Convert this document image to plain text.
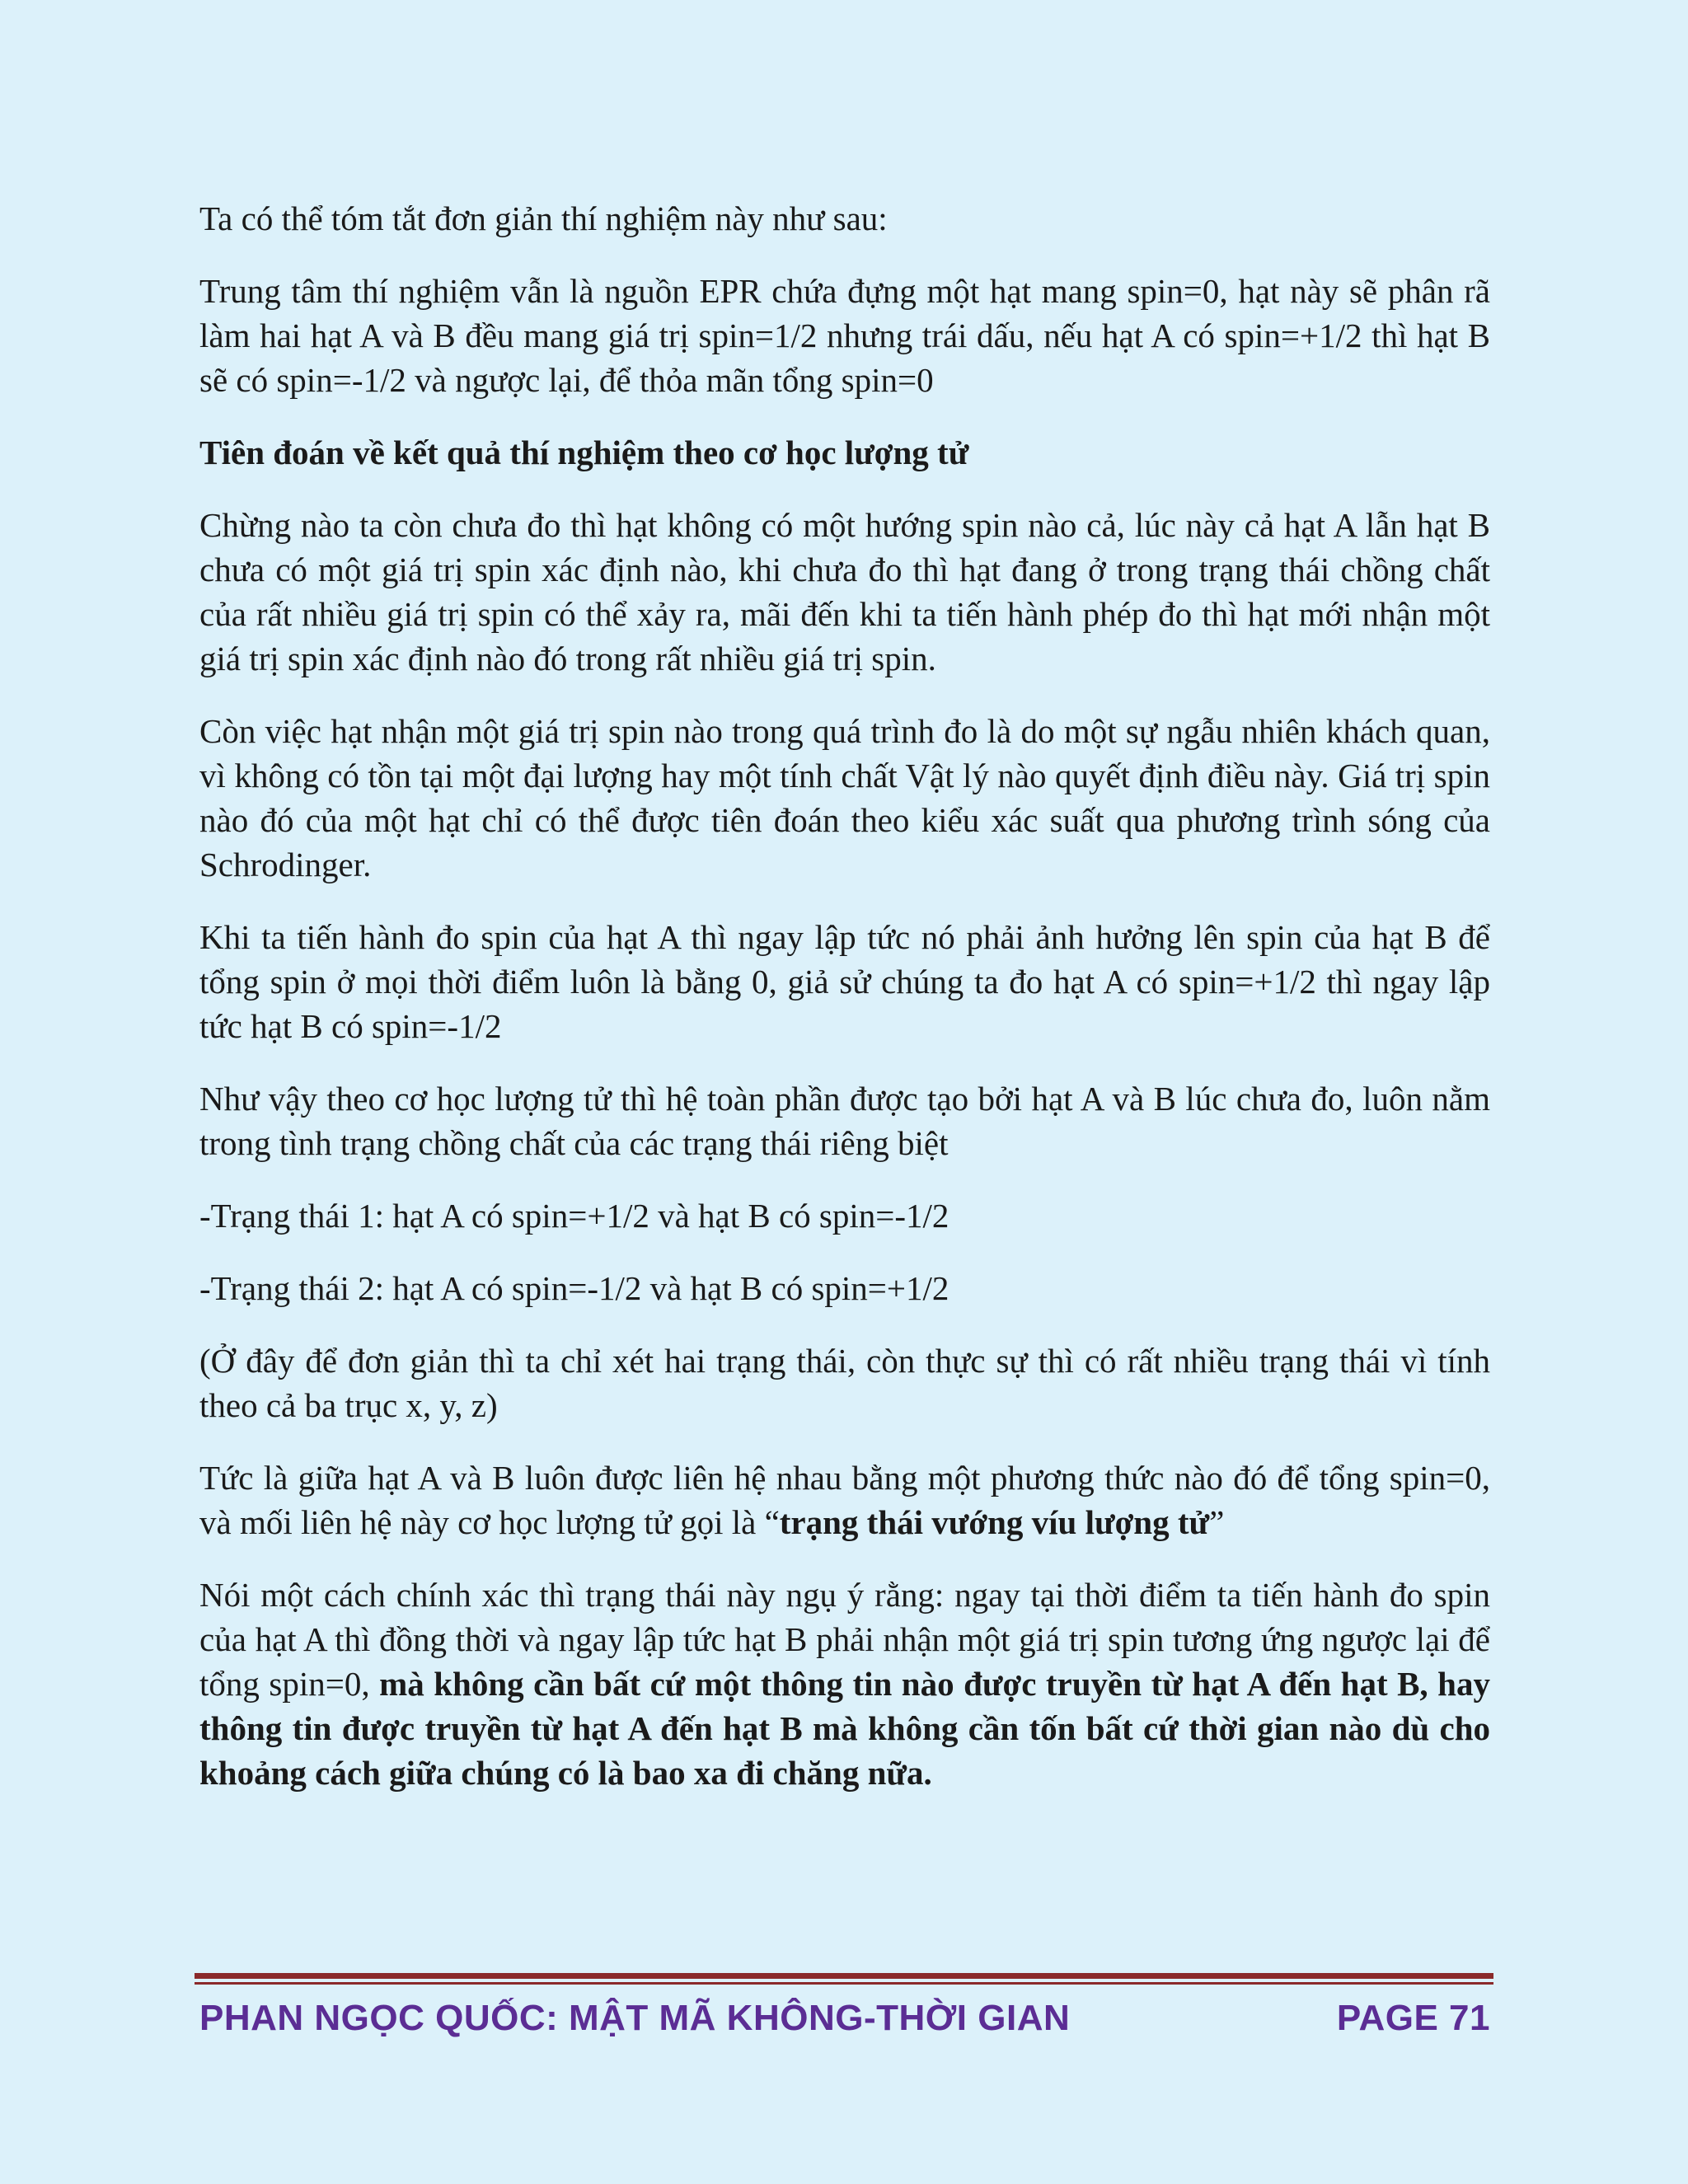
Ta có thể tóm tắt đơn giản thí nghiệm này như sau:

Trung tâm thí nghiệm vẫn là nguồn EPR chứa đựng một hạt mang spin=0, hạt này sẽ phân rã làm hai hạt A và B đều mang giá trị spin=1/2 nhưng trái dấu, nếu hạt A có spin=+1/2 thì hạt B sẽ có spin=-1/2 và ngược lại, để thỏa mãn tổng spin=0

Tiên đoán về kết quả thí nghiệm theo cơ học lượng tử

Chừng nào ta còn chưa đo thì hạt không có một hướng spin nào cả, lúc này cả hạt A lẫn hạt B chưa có một giá trị spin xác định nào, khi chưa đo thì hạt đang ở trong trạng thái chồng chất của rất nhiều giá trị spin có thể xảy ra, mãi đến khi ta tiến hành phép đo thì hạt mới nhận một giá trị spin xác định nào đó trong rất nhiều giá trị spin.

Còn việc hạt nhận một giá trị spin nào trong quá trình đo là do một sự ngẫu nhiên khách quan, vì không có tồn tại một đại lượng hay một tính chất Vật lý nào quyết định điều này. Giá trị spin nào đó của một hạt chỉ có thể được tiên đoán theo kiểu xác suất qua phương trình sóng của Schrodinger.

Khi ta tiến hành đo spin của hạt A thì ngay lập tức nó phải ảnh hưởng lên spin của hạt B để tổng spin ở mọi thời điểm luôn là bằng 0, giả sử chúng ta đo hạt A có spin=+1/2 thì ngay lập tức hạt B có spin=-1/2

Như vậy theo cơ học lượng tử thì hệ toàn phần được tạo bởi hạt A và B lúc chưa đo, luôn nằm trong tình trạng chồng chất của các trạng thái riêng biệt

-Trạng thái 1: hạt A có spin=+1/2 và hạt B có spin=-1/2

-Trạng thái 2: hạt A có spin=-1/2 và hạt B có spin=+1/2

(Ở đây để đơn giản thì ta chỉ xét hai trạng thái, còn thực sự thì có rất nhiều trạng thái vì tính theo cả ba trục x, y, z)

Tức là giữa hạt A và B luôn được liên hệ nhau bằng một phương thức nào đó để tổng spin=0, và mối liên hệ này cơ học lượng tử gọi là “trạng thái vướng víu lượng tử”

Nói một cách chính xác thì trạng thái này ngụ ý rằng: ngay tại thời điểm ta tiến hành đo spin của hạt A thì đồng thời và ngay lập tức hạt B phải nhận một giá trị spin tương ứng ngược lại để tổng spin=0, mà không cần bất cứ một thông tin nào được truyền từ hạt A đến hạt B, hay thông tin được truyền từ hạt A đến hạt B mà không cần tốn bất cứ thời gian nào dù cho khoảng cách giữa chúng có là bao xa đi chăng nữa.

PHAN NGỌC QUỐC: MẬT MÃ KHÔNG-THỜI GIAN	PAGE 71
